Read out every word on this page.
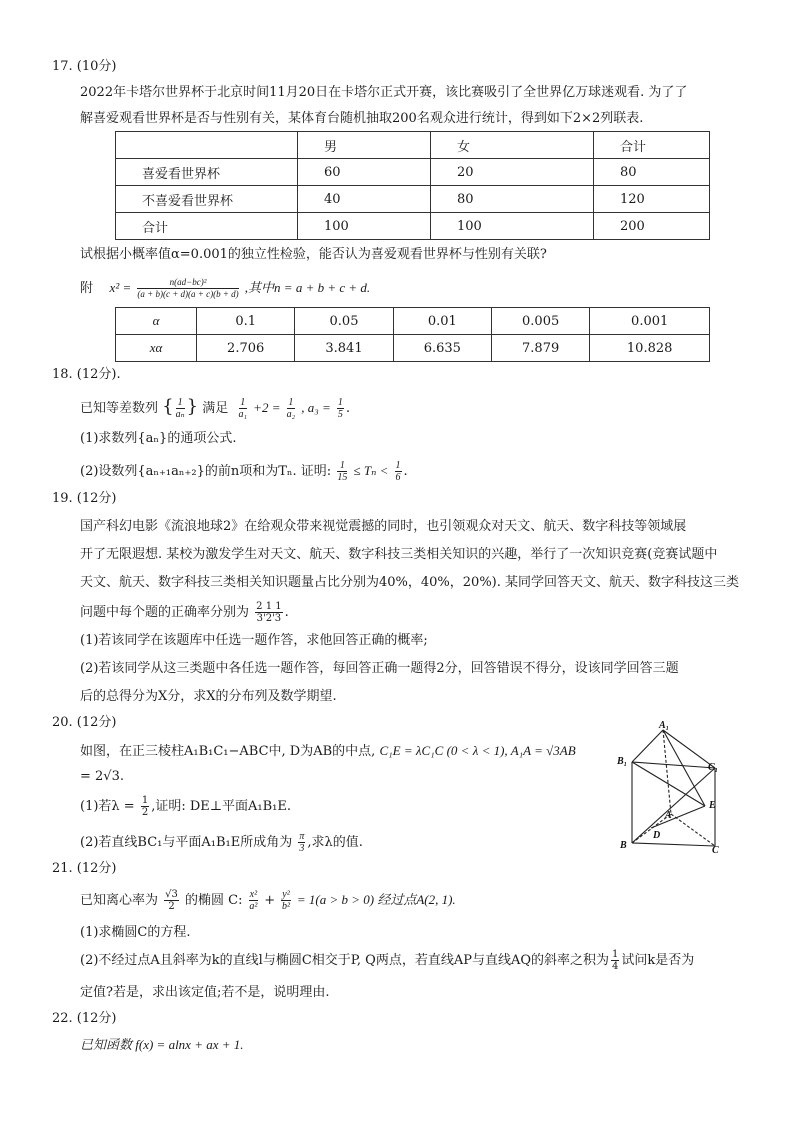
17. (10分)
2022年卡塔尔世界杯于北京时间11月20日在卡塔尔正式开赛，该比赛吸引了全世界亿万球迷观看. 为了了
解喜爱观看世界杯是否与性别有关，某体育台随机抽取200名观众进行统计，得到如下2×2列联表.
	男	女	合计
喜爱看世界杯	60	20	80
不喜爱看世界杯	40	80	120
合计	100	100	200
试根据小概率值α=0.001的独立性检验，能否认为喜爱观看世界杯与性别有关联?
附 $x^2 = \frac{\text{n(ad−bc)²}}{(a + b)(c + d)(a + c)(b + d)}$ ,其中n = a + b + c + d.
α	0.1	0.05	0.01	0.005	0.001
xα	2.706	3.841	6.635	7.879	10.828
18. (12分).
已知等差数列 { $\frac{1}{\text{aₙ}}$ } 满足 $\frac{1}{\text{a₁}} +2 = \frac{1}{\text{a₂}}$ , $a_3 = \frac{1}{5}$ .
(1)求数列{aₙ}的通项公式.
(2)设数列{aₙ₊₁aₙ₊₂}的前n项和为Tₙ. 证明: $\frac{1}{15} \le T_n < \frac{1}{6}$ .
19. (12分)
国产科幻电影《流浪地球2》在给观众带来视觉震撼的同时，也引领观众对天文、航天、数字科技等领域展
开了无限遐想. 某校为激发学生对天文、航天、数字科技三类相关知识的兴趣，举行了一次知识竞赛(竞赛试题中
天文、航天、数字科技三类相关知识题量占比分别为40%，40%，20%). 某同学回答天文、航天、数字科技这三类
问题中每个题的正确率分别为 $\frac{2 1 1}{3'2'3}$ .
(1)若该同学在该题库中任选一题作答，求他回答正确的概率;
(2)若该同学从这三类题中各任选一题作答，每回答正确一题得2分，回答错误不得分，设该同学回答三题
后的总得分为X分，求X的分布列及数学期望.
20. (12分)
如图，在正三棱柱A₁B₁C₁−ABC中, D为AB的中点, C₁E = λC₁C (0 < λ < 1), A₁A = √3AB
= 2√3.
(1)若$\lambda = \frac{1}{2}$ ,证明: DE⊥平面A₁B₁E.
(2)若直线BC₁与平面A₁B₁E所成角为 $\frac{\pi}{3}$ ,求λ的值.
A₁
B₁
C₁
E
A
D
B	C
21. (12分)
已知离心率为 $\frac{√3}{2}$ 的椭圆 C: $\frac{\text{x²}}{\text{a²}} + \frac{\text{y²}}{\text{b²}} = 1(a > b > 0)$ 经过点A(2, 1).
(1)求椭圆C的方程.
(2)不经过点A且斜率为k的直线l与椭圆C相交于P, Q两点，若直线AP与直线AQ的斜率之积为 $\frac{1}{4}$ 试问k是否为
定值?若是，求出该定值;若不是，说明理由.
22. (12分)
已知函数 f(x) = alnx + ax + 1.
